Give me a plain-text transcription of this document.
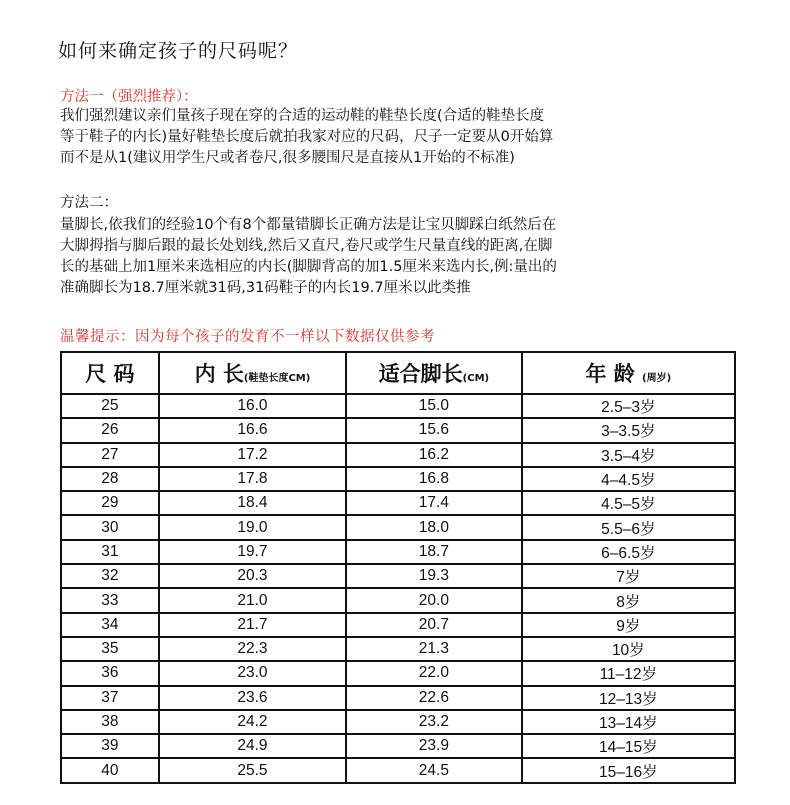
如何来确定孩子的尺码呢？
方法一（强烈推荐）：
我们强烈建议亲们量孩子现在穿的合适的运动鞋的鞋垫长度(合适的鞋垫长度
等于鞋子的内长)量好鞋垫长度后就拍我家对应的尺码，尺子一定要从0开始算
而不是从1(建议用学生尺或者卷尺,很多腰围尺是直接从1开始的不标准)
方法二：
量脚长,依我们的经验10个有8个都量错脚长正确方法是让宝贝脚踩白纸然后在
大脚拇指与脚后跟的最长处划线,然后又直尺,卷尺或学生尺量直线的距离,在脚
长的基础上加1厘米来选相应的内长(脚脚背高的加1.5厘米来选内长,例:量出的
准确脚长为18.7厘米就31码,31码鞋子的内长19.7厘米以此类推
温馨提示：因为每个孩子的发育不一样以下数据仅供参考
尺 码	内 长(鞋垫长度CM)	适合脚长(CM)	年 龄 (周岁)
25	16.0	15.0	2.5–3岁
26	16.6	15.6	3–3.5岁
27	17.2	16.2	3.5–4岁
28	17.8	16.8	4–4.5岁
29	18.4	17.4	4.5–5岁
30	19.0	18.0	5.5–6岁
31	19.7	18.7	6–6.5岁
32	20.3	19.3	7岁
33	21.0	20.0	8岁
34	21.7	20.7	9岁
35	22.3	21.3	10岁
36	23.0	22.0	11–12岁
37	23.6	22.6	12–13岁
38	24.2	23.2	13–14岁
39	24.9	23.9	14–15岁
40	25.5	24.5	15–16岁
